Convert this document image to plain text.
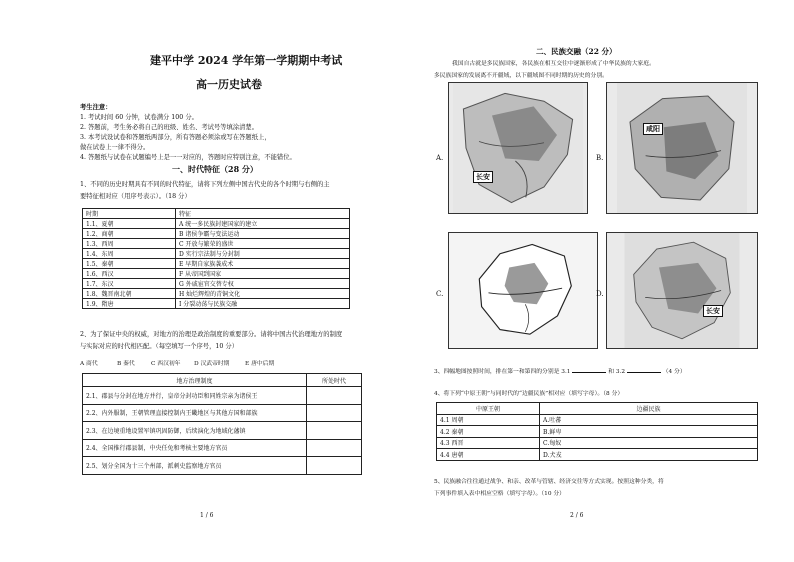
建平中学 2024 学年第一学期期中考试
高一历史试卷
考生注意：
1. 考试时间 60 分钟，试卷满分 100 分。
2. 答题前，考生务必将自己的班级、姓名、考试号等填涂清楚。
3. 本考试设试卷和答题纸两部分，所有答题必须涂或写在答题纸上，
做在试卷上一律不得分。
4. 答题纸与试卷在试题编号上是一一对应的，答题时应特别注意，不能错位。
一、时代特征（28 分）
1、不同的历史时期具有不同的时代特征，请将下列左侧中国古代史的各个时期与右侧的主
要特征相对应（用序号表示）。（18 分）
时期	特征
1.1、夏朝	A 统一多民族封建国家的建立
1.2、商朝	B 诸侯争霸与变法运动
1.3、西周	C 开放与繁荣的盛世
1.4、东周	D 实行宗法制与分封制
1.5、秦朝	E 早期自家族袭成术
1.6、西汉	F 从帝国到国家
1.7、东汉	G 外戚宦官交替专权
1.8、魏晋南北朝	H 灿烂辉煌的青铜文化
1.9、隋唐	I 分裂动荡与民族交融
2、为了保证中央的权威，对地方的治理是政治制度的重要部分。请将中国古代治理地方的制度
与实际对应的时代相匹配。（每空填写一个序号，10 分）
A 商代	B 秦代	C 西汉初年 D 汉武帝时期	E 唐中后期
地方治理制度	所处时代
2.1、郡县与分封在地方并行，皇帝分封功臣和同姓宗亲为诸侯王	
2.2、内外服制，王朝管理直接控制内王畿地区与其他方国和部族	
2.3、在边境重地设置军镇巩固防御，后续演化为地域化藩镇	
2.4、全国推行郡县制，中央任免和考核主要地方官员	
2.5、划分全国为十三个州部，派刺史监察地方官员	
1 / 6
二、民族交融（22 分）
我国自古就是多民族国家，各民族在相互交往中逐渐形成了中华民族的大家庭。
多民族国家的发展离不开疆域，以下疆域图不同时期的历史的分别。
A.
长安
B.
咸阳
C.	D.
长安
3、四幅地图按照时间，排在第一和第四的分别是 3.1	和 3.2	（4 分）
4、将下列“中原王朝”与同时代的“边疆民族”相对应（填写字母）。（8 分）
中原王朝	边疆民族
4.1 周朝	A.吐蕃
4.2 秦朝	B.鲜卑
4.3 西晋	C.匈奴
4.4 唐朝	D.犬戎
5、民族融合往往通过战争、和亲、改革与管辖、经济交往等方式实现。按照这种分类，将
下列事件填入表中相应空格（填写字母）。（10 分）
2 / 6
